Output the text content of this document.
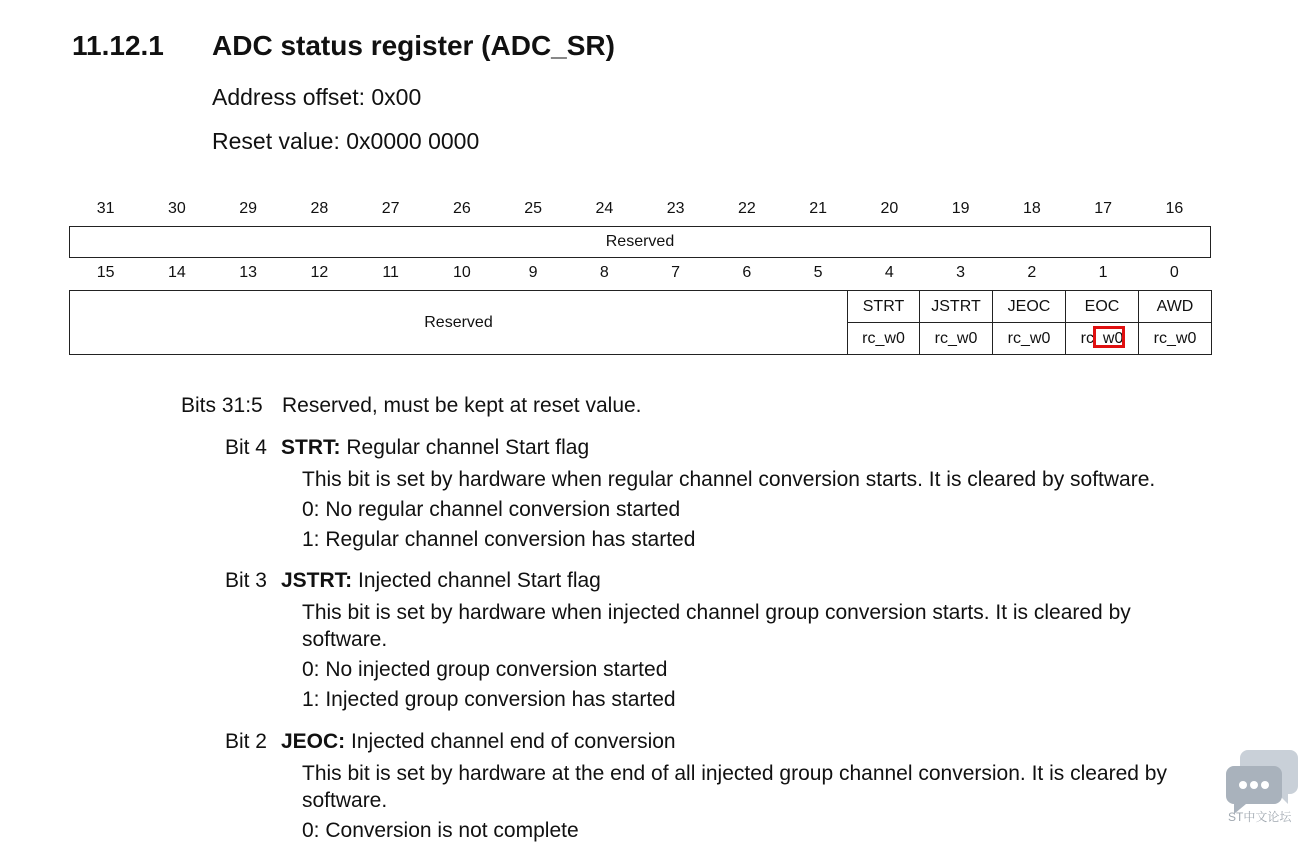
11.12.1 ADC status register (ADC_SR)
Address offset: 0x00
Reset value: 0x0000 0000
31	30	29	28	27	26	25	24	23	22	21	20	19	18	17	16
Reserved
15	14	13	12	11	10	9	8	7	6	5	4	3	2	1	0
Reserved	STRT	JSTRT	JEOC	EOC	AWD
	rc_w0	rc_w0	rc_w0	rc_w0	rc_w0
Bits 31:5 Reserved, must be kept at reset value.
Bit 4 STRT: Regular channel Start flag
This bit is set by hardware when regular channel conversion starts. It is cleared by software.
0: No regular channel conversion started
1: Regular channel conversion has started
Bit 3 JSTRT: Injected channel Start flag
This bit is set by hardware when injected channel group conversion starts. It is cleared by software.
0: No injected group conversion started
1: Injected group conversion has started
Bit 2 JEOC: Injected channel end of conversion
This bit is set by hardware at the end of all injected group channel conversion. It is cleared by software.
0: Conversion is not complete
ST中文论坛
